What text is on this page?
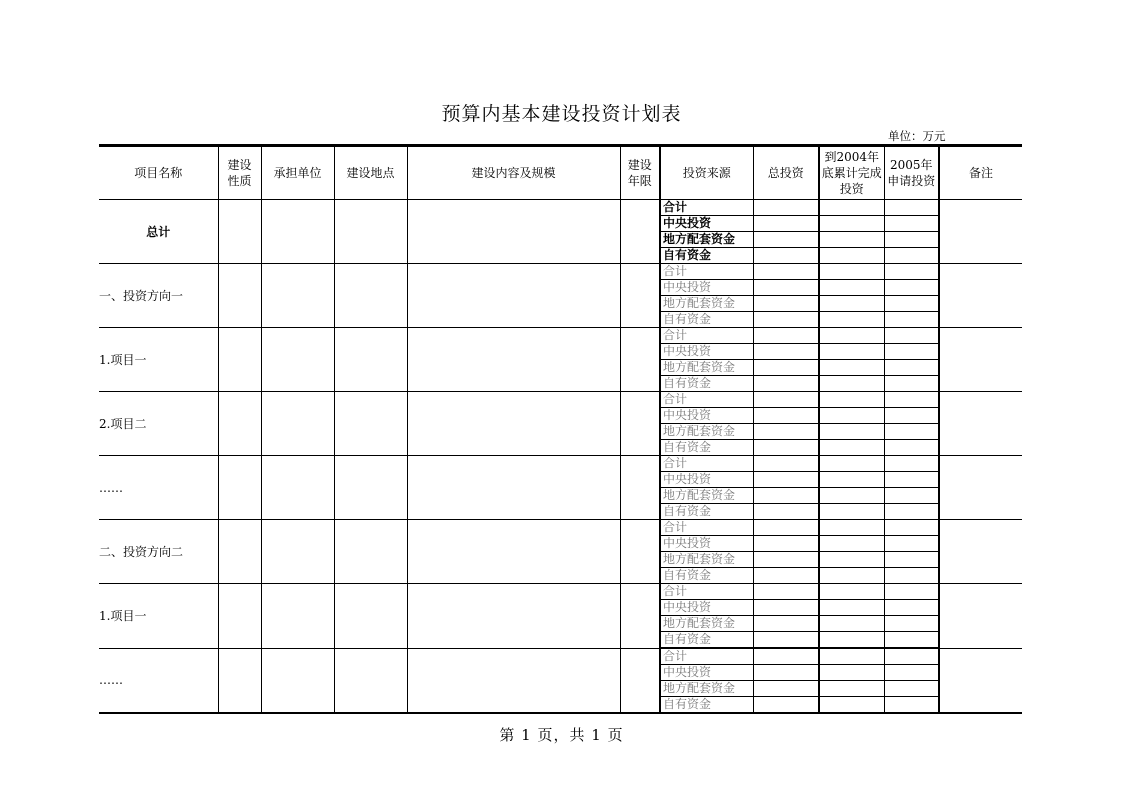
预算内基本建设投资计划表
单位：万元
项目名称	建设性质	承担单位	建设地点	建设内容及规模	建设年限	投资来源	总投资	到2004年底累计完成投资	2005年申请投资	备注
总计						合计				
						中央投资				
						地方配套资金				
						自有资金				
一、投资方向一						合计				
						中央投资				
						地方配套资金				
						自有资金				
1.项目一						合计				
						中央投资				
						地方配套资金				
						自有资金				
2.项目二						合计				
						中央投资				
						地方配套资金				
						自有资金				
……						合计				
						中央投资				
						地方配套资金				
						自有资金				
二、投资方向二						合计				
						中央投资				
						地方配套资金				
						自有资金				
1.项目一						合计				
						中央投资				
						地方配套资金				
						自有资金				
……						合计				
						中央投资				
						地方配套资金				
						自有资金				
第 1 页，共 1 页
